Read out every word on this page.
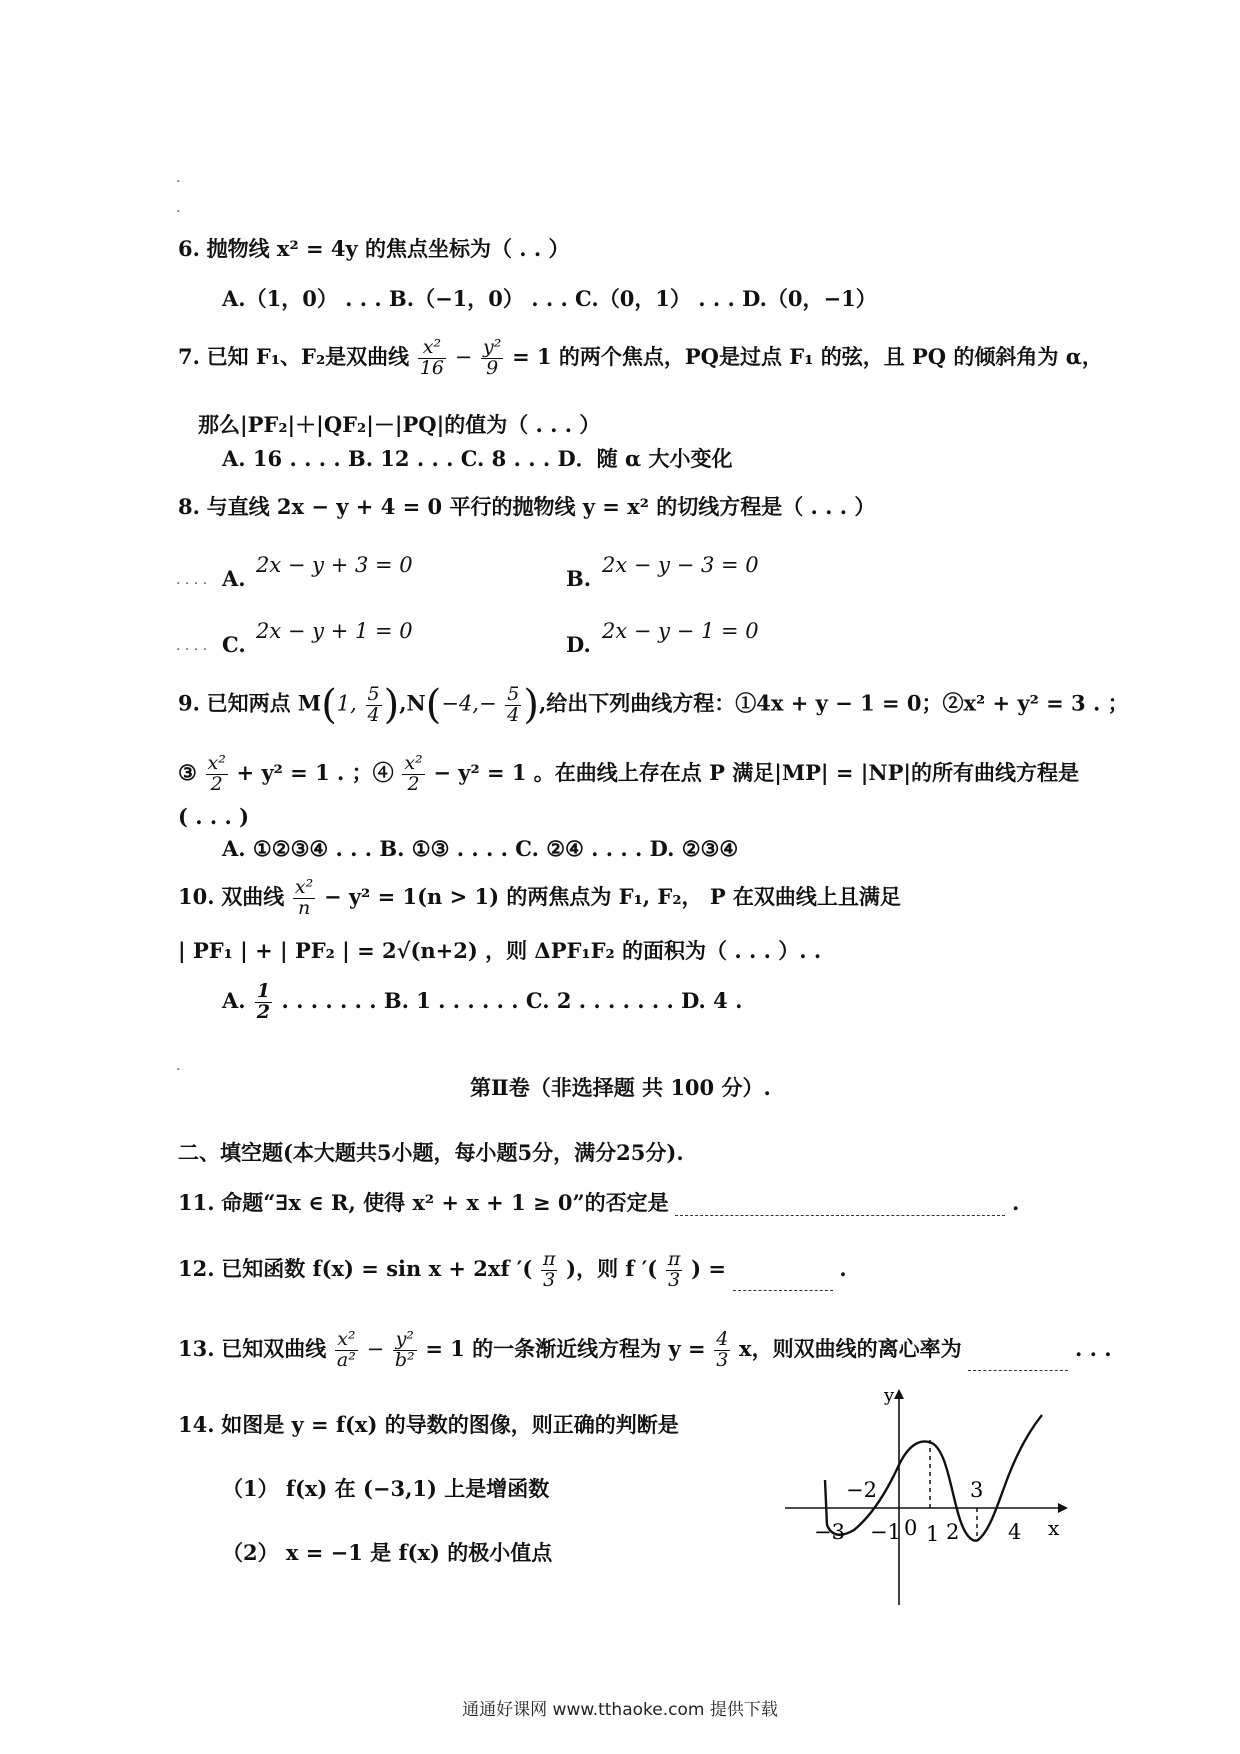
.
.
6. 抛物线 x² = 4y 的焦点坐标为（ . . ）
A.（1，0） . . . B.（−1，0） . . . C.（0，1） . . . D.（0，−1）
7. 已知 F₁、F₂是双曲线 $\frac{\text{x²}}{16} - \frac{\text{y²}}{9} = 1$ 的两个焦点，PQ是过点 F₁ 的弦，且 PQ 的倾斜角为 α，
那么|PF₂|＋|QF₂|－|PQ|的值为（ . . . ）
A. 16 . . . . B. 12 . . . C. 8 . . . D．随 α 大小变化
8. 与直线 2x − y + 4 = 0 平行的抛物线 y = x² 的切线方程是（ . . . ）
. . . . A.
2x − y + 3 = 0
B.
2x − y − 3 = 0
. . . . C.
2x − y + 1 = 0
D.
2x − y − 1 = 0
9. 已知两点 M(1, $\frac{5}{4} ),N(-4,- \frac{5}{4}$ ),给出下列曲线方程：①4x + y − 1 = 0；②x² + y² = 3 . ；
③ $\frac{\text{x²}}{2} + y^2 = 1$ . ；④ $\frac{\text{x²}}{2} - y^2 = 1$ 。在曲线上存在点 P 满足|MP| = |NP|的所有曲线方程是
( . . . )
A. ①②③④ . . . B. ①③ . . . . C. ②④ . . . . D. ②③④
10. 双曲线 $\frac{\text{x²}}{n} - y^2 = 1(n > 1)$ 的两焦点为 F₁, F₂， P 在双曲线上且满足
| PF₁ | + | PF₂ | = 2√(n+2) ，则 ΔPF₁F₂ 的面积为（ . . . ）. .
A. $\frac{1}{2}$ . . . . . . . B. 1 . . . . . . C. 2 . . . . . . . D. 4 .
.
第Ⅱ卷（非选择题 共 100 分）.
二、填空题(本大题共5小题，每小题5分，满分25分).
11. 命题“∃x ∈ R, 使得 x² + x + 1 ≥ 0”的否定是	.
12. 已知函数 f(x) = sin x + 2xf ′( $\frac{\pi}{3}$ )，则 f ′( $\frac{\pi}{3}$ ) =	.
13. 已知双曲线 $\frac{\text{x²}}{\text{a²}} - \frac{\text{y²}}{\text{b²}} = 1$ 的一条渐近线方程为 $y = \frac{4}{3}$ x，则双曲线的离心率为	. . .
14. 如图是 y = f(x) 的导数的图像，则正确的判断是
（1） f(x) 在 (−3,1) 上是增函数
（2） x = −1 是 f(x) 的极小值点
y
x
−3
−2
−1 0 1 2
3
4
通通好课网 www.tthaoke.com 提供下载
